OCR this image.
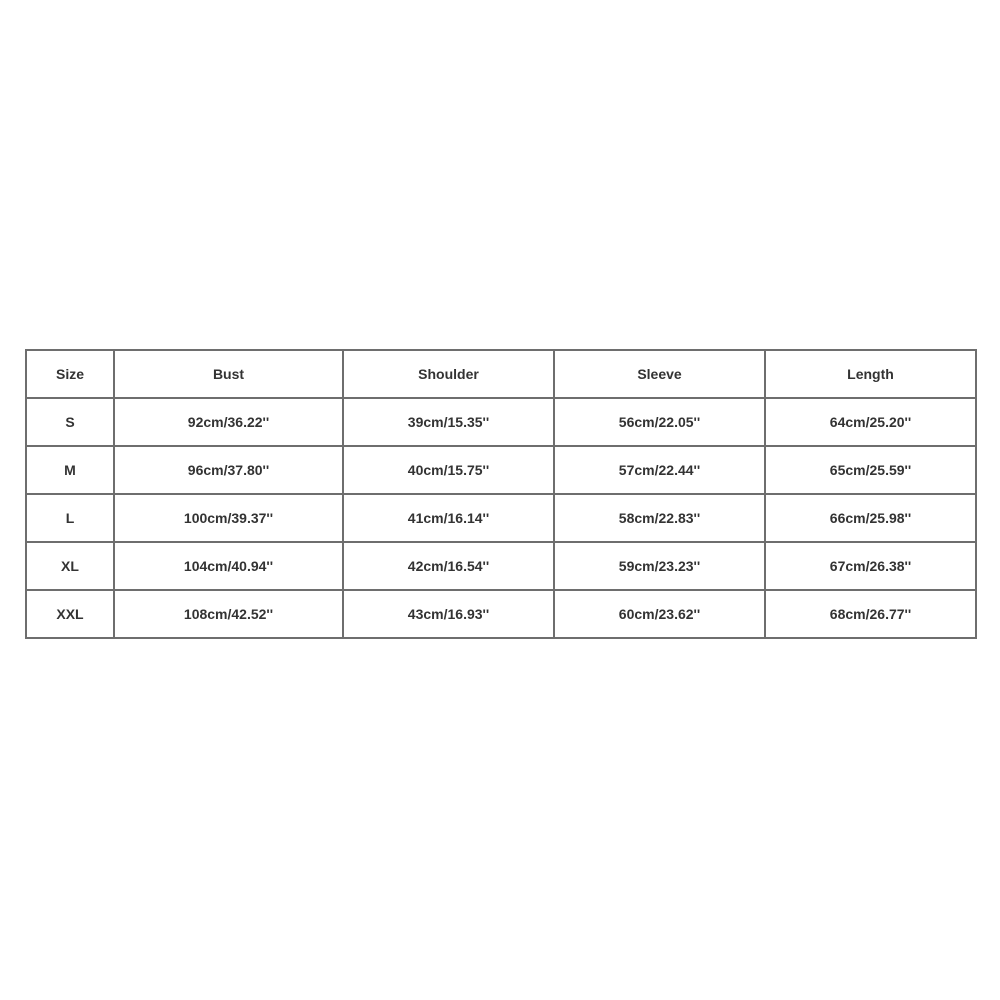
Size	Bust	Shoulder	Sleeve	Length
S	92cm/36.22''	39cm/15.35''	56cm/22.05''	64cm/25.20''
M	96cm/37.80''	40cm/15.75''	57cm/22.44''	65cm/25.59''
L	100cm/39.37''	41cm/16.14''	58cm/22.83''	66cm/25.98''
XL	104cm/40.94''	42cm/16.54''	59cm/23.23''	67cm/26.38''
XXL	108cm/42.52''	43cm/16.93''	60cm/23.62''	68cm/26.77''
